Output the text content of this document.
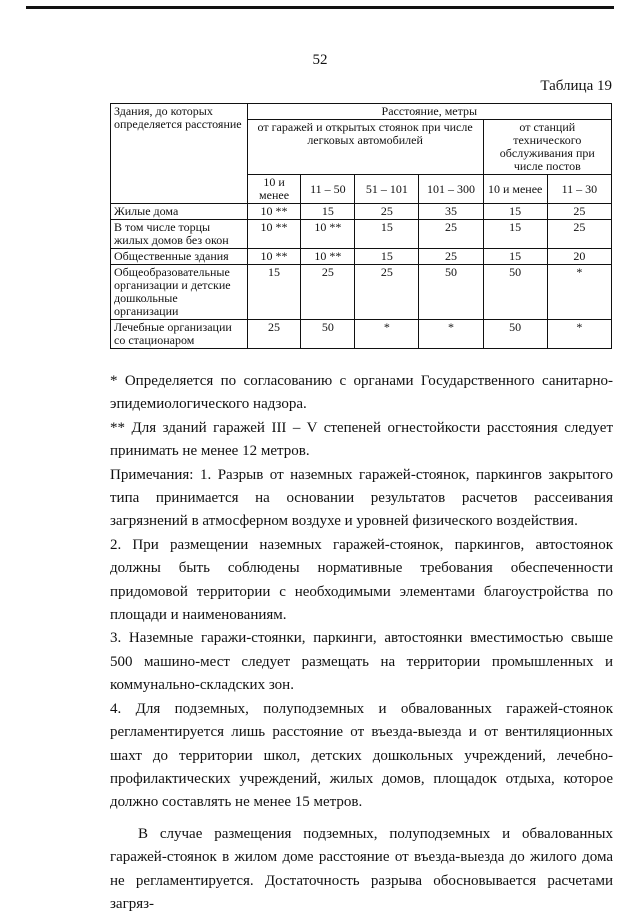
52
Таблица 19
Здания, до которых определяется расстояние	Расстояние, метры					
	от гаражей и открытых стоянок при числе легковых автомобилей				от станций технического обслуживания при числе постов	
	10 и менее	11 – 50	51 – 101	101 – 300	10 и менее	11 – 30
Жилые дома	10 **	15	25	35	15	25
В том числе торцы жилых домов без окон	10 **	10 **	15	25	15	25
Общественные здания	10 **	10 **	15	25	15	20
Общеобразовательные организации и детские дошкольные организации	15	25	25	50	50	*
Лечебные организации со стационаром	25	50	*	*	50	*

* Определяется по согласованию с органами Государственного санитарно-эпидемиологического надзора.

** Для зданий гаражей III – V степеней огнестойкости расстояния следует принимать не менее 12 метров.

Примечания: 1. Разрыв от наземных гаражей-стоянок, паркингов закрытого типа принимается на основании результатов расчетов рассеивания загрязнений в атмосферном воздухе и уровней физического воздействия.

2. При размещении наземных гаражей-стоянок, паркингов, автостоянок должны быть соблюдены нормативные требования обеспеченности придомовой территории с необходимыми элементами благоустройства по площади и наименованиям.

3. Наземные гаражи-стоянки, паркинги, автостоянки вместимостью свыше 500 машино-мест следует размещать на территории промышленных и коммунально-складских зон.

4. Для подземных, полуподземных и обвалованных гаражей-стоянок регламентируется лишь расстояние от въезда-выезда и от вентиляционных шахт до территории школ, детских дошкольных учреждений, лечебно-профилактических учреждений, жилых домов, площадок отдыха, которое должно составлять не менее 15 метров.

В случае размещения подземных, полуподземных и обвалованных гаражей-стоянок в жилом доме расстояние от въезда-выезда до жилого дома не регламентируется. Достаточность разрыва обосновывается расчетами загряз-
